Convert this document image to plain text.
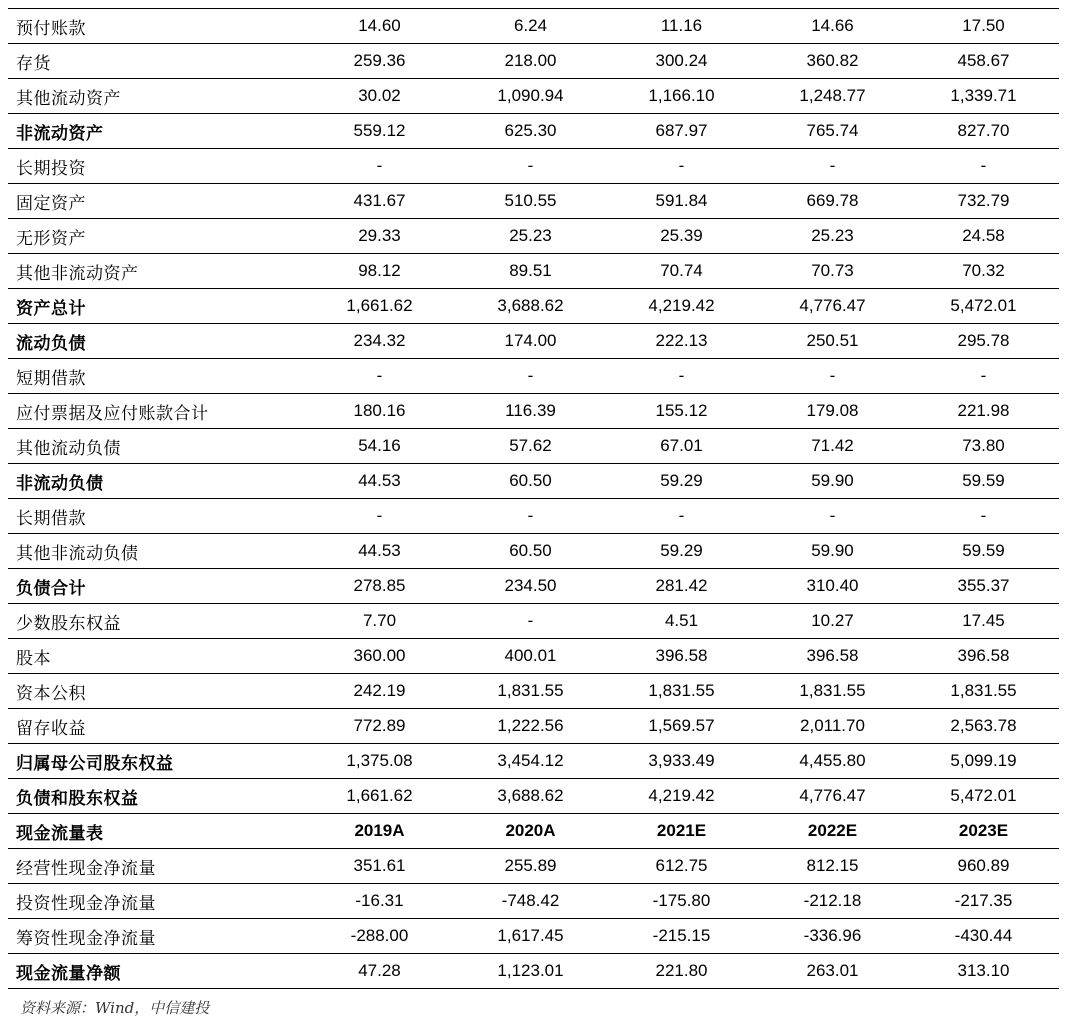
预付账款	14.60	6.24	11.16	14.66	17.50
存货	259.36	218.00	300.24	360.82	458.67
其他流动资产	30.02	1,090.94	1,166.10	1,248.77	1,339.71
非流动资产	559.12	625.30	687.97	765.74	827.70
长期投资	-	-	-	-	-
固定资产	431.67	510.55	591.84	669.78	732.79
无形资产	29.33	25.23	25.39	25.23	24.58
其他非流动资产	98.12	89.51	70.74	70.73	70.32
资产总计	1,661.62	3,688.62	4,219.42	4,776.47	5,472.01
流动负债	234.32	174.00	222.13	250.51	295.78
短期借款	-	-	-	-	-
应付票据及应付账款合计	180.16	116.39	155.12	179.08	221.98
其他流动负债	54.16	57.62	67.01	71.42	73.80
非流动负债	44.53	60.50	59.29	59.90	59.59
长期借款	-	-	-	-	-
其他非流动负债	44.53	60.50	59.29	59.90	59.59
负债合计	278.85	234.50	281.42	310.40	355.37
少数股东权益	7.70	-	4.51	10.27	17.45
股本	360.00	400.01	396.58	396.58	396.58
资本公积	242.19	1,831.55	1,831.55	1,831.55	1,831.55
留存收益	772.89	1,222.56	1,569.57	2,011.70	2,563.78
归属母公司股东权益	1,375.08	3,454.12	3,933.49	4,455.80	5,099.19
负债和股东权益	1,661.62	3,688.62	4,219.42	4,776.47	5,472.01
现金流量表	2019A	2020A	2021E	2022E	2023E
经营性现金净流量	351.61	255.89	612.75	812.15	960.89
投资性现金净流量	-16.31	-748.42	-175.80	-212.18	-217.35
筹资性现金净流量	-288.00	1,617.45	-215.15	-336.96	-430.44
现金流量净额	47.28	1,123.01	221.80	263.01	313.10
资料来源：Wind，中信建投
